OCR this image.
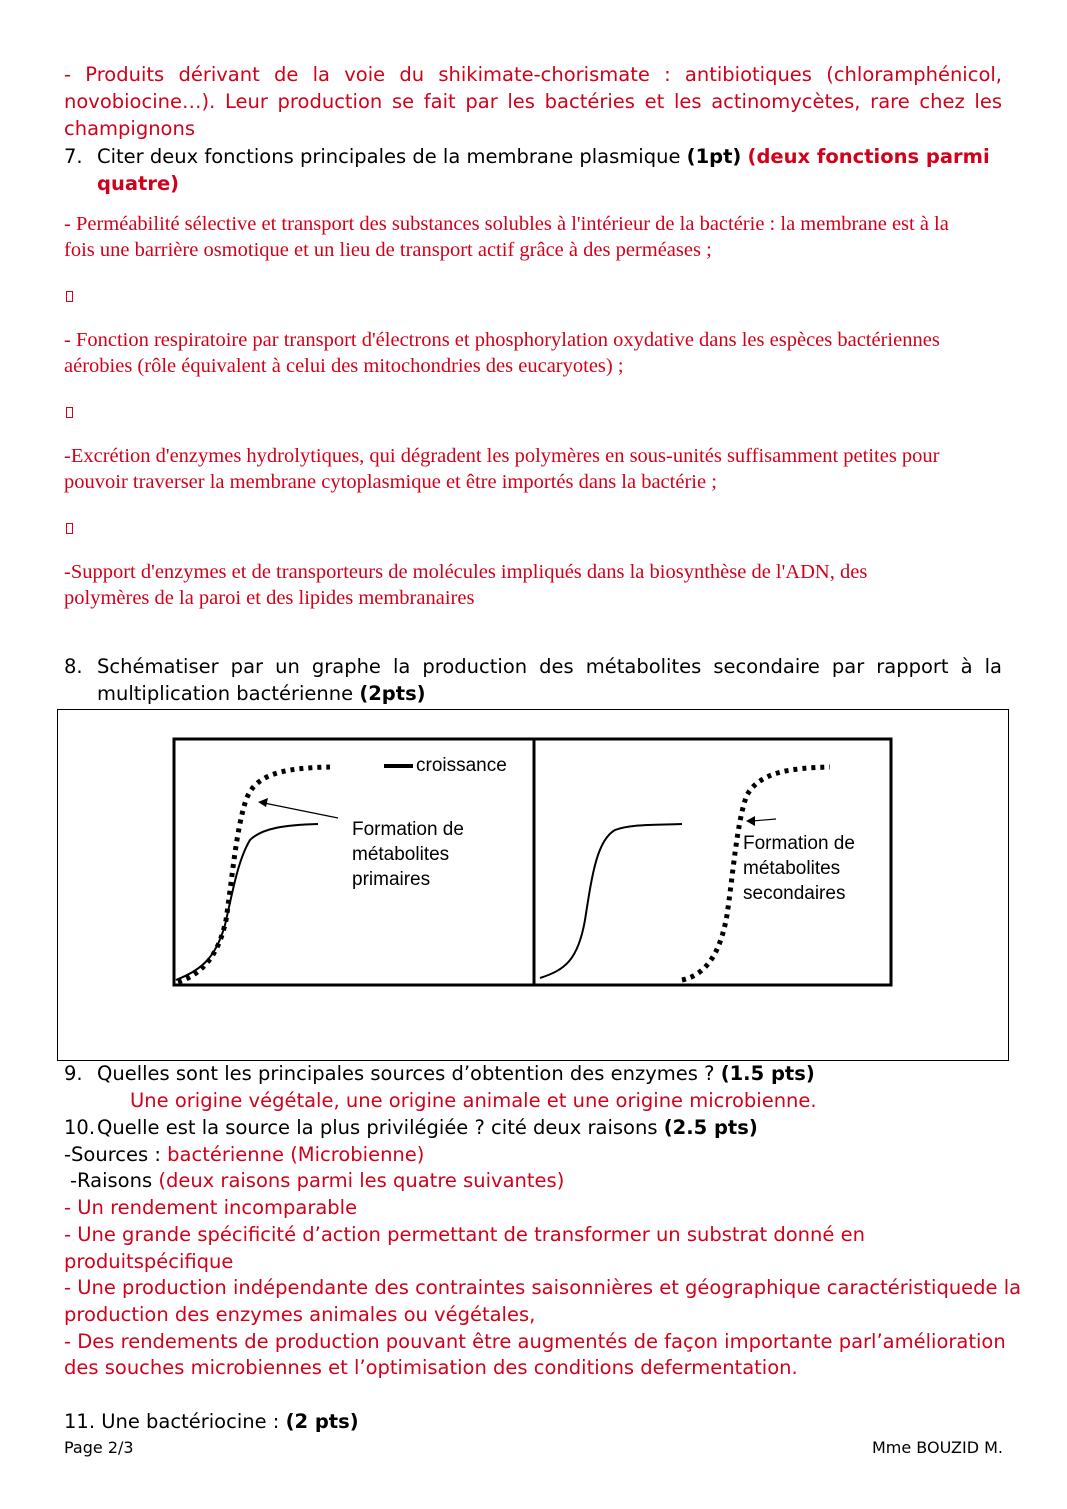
- Produits dérivant de la voie du shikimate-chorismate : antibiotiques (chloramphénicol,
novobiocine…). Leur production se fait par les bactéries et les actinomycètes, rare chez les
champignons
7. Citer deux fonctions principales de la membrane plasmique (1pt) (deux fonctions parmi
quatre)
- Perméabilité sélective et transport des substances solubles à l'intérieur de la bactérie : la membrane est à la
fois une barrière osmotique et un lieu de transport actif grâce à des perméases ;
- Fonction respiratoire par transport d'électrons et phosphorylation oxydative dans les espèces bactériennes
aérobies (rôle équivalent à celui des mitochondries des eucaryotes) ;
-Excrétion d'enzymes hydrolytiques, qui dégradent les polymères en sous-unités suffisamment petites pour
pouvoir traverser la membrane cytoplasmique et être importés dans la bactérie ;
-Support d'enzymes et de transporteurs de molécules impliqués dans la biosynthèse de l'ADN, des
polymères de la paroi et des lipides membranaires
8. Schématiser par un graphe la production des métabolites secondaire par rapport à la
multiplication bactérienne (2pts)
croissance
Formation de
métabolites
primaires
Formation de
métabolites
secondaires
9. Quelles sont les principales sources d’obtention des enzymes ? (1.5 pts)
Une origine végétale, une origine animale et une origine microbienne.
10. Quelle est la source la plus privilégiée ? cité deux raisons (2.5 pts)
-Sources : bactérienne (Microbienne)
-Raisons (deux raisons parmi les quatre suivantes)
- Un rendement incomparable
- Une grande spécificité d’action permettant de transformer un substrat donné en
produitspécifique
- Une production indépendante des contraintes saisonnières et géographique caractéristiquede la
production des enzymes animales ou végétales,
- Des rendements de production pouvant être augmentés de façon importante parl’amélioration
des souches microbiennes et l’optimisation des conditions defermentation.
11. Une bactériocine : (2 pts)
Page 2/3	Mme BOUZID M.
